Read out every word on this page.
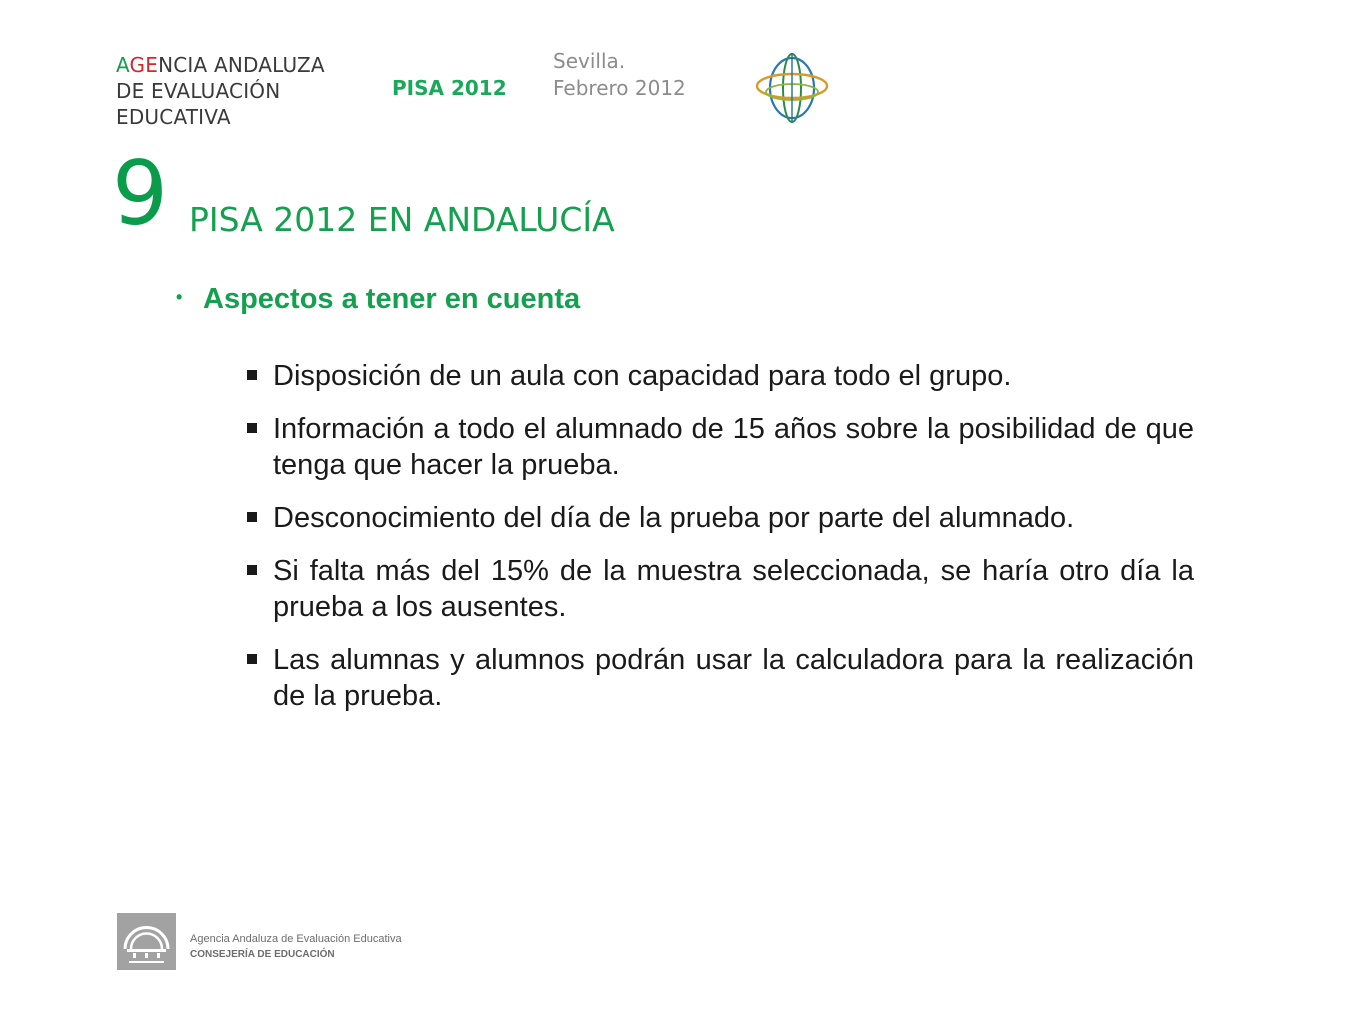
AGENCIA ANDALUZA
DE EVALUACIÓN
EDUCATIVA
PISA 2012
Sevilla.
Febrero 2012
9 PISA 2012 EN ANDALUCÍA
• Aspectos a tener en cuenta
Disposición de un aula con capacidad para todo el grupo.
Información a todo el alumnado de 15 años sobre la posibilidad de que tenga que hacer la prueba.
Desconocimiento del día de la prueba por parte del alumnado.
Si falta más del 15% de la muestra seleccionada, se haría otro día la prueba a los ausentes.
Las alumnas y alumnos podrán usar la calculadora para la realización de la prueba.
Agencia Andaluza de Evaluación Educativa
CONSEJERÍA DE EDUCACIÓN
